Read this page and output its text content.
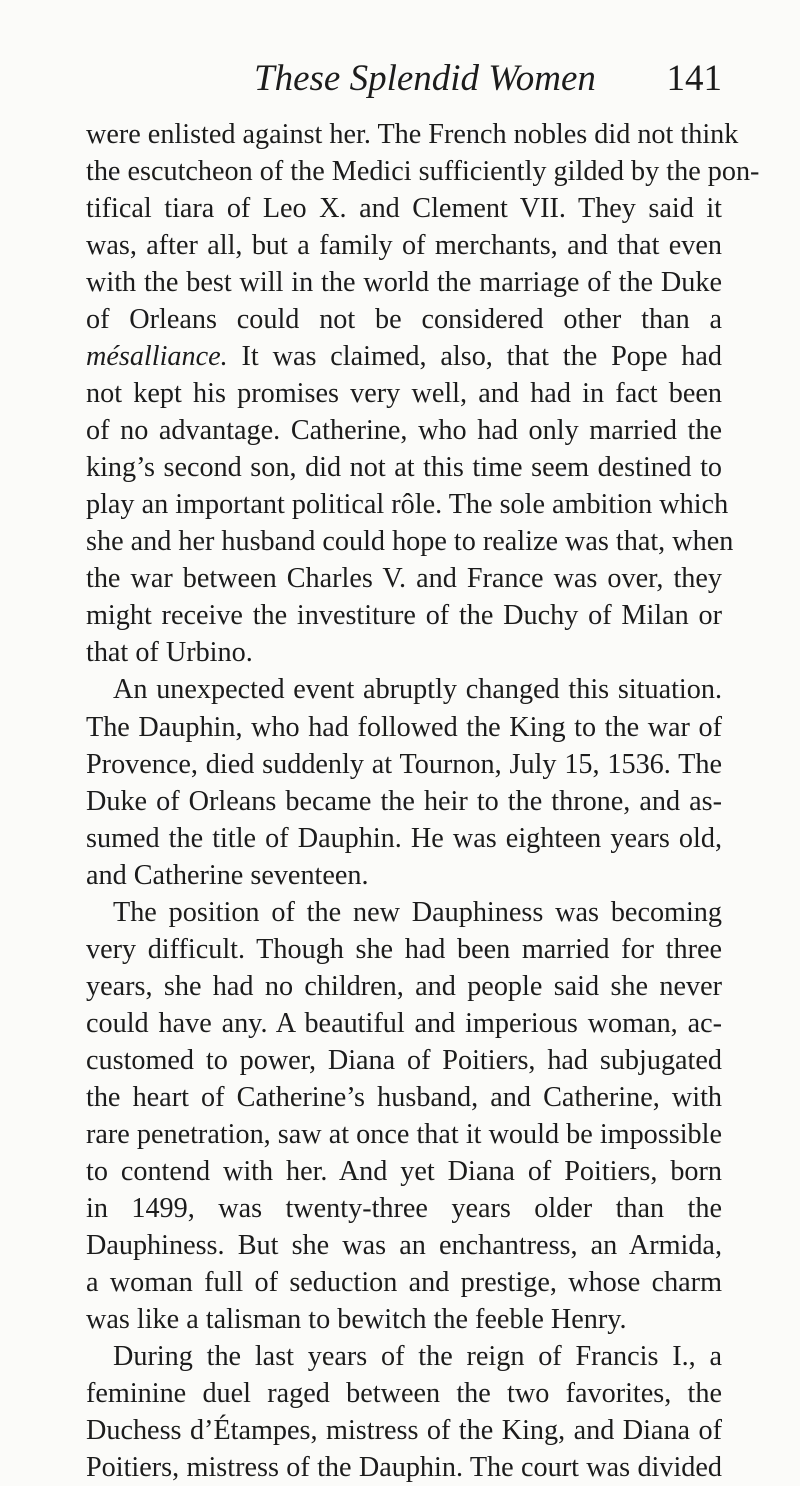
These Splendid Women 141
were enlisted against her. The French nobles did not think
the escutcheon of the Medici sufficiently gilded by the pon-
tifical tiara of Leo X. and Clement VII. They said it
was, after all, but a family of merchants, and that even
with the best will in the world the marriage of the Duke
of Orleans could not be considered other than a
mésalliance. It was claimed, also, that the Pope had
not kept his promises very well, and had in fact been
of no advantage. Catherine, who had only married the
king’s second son, did not at this time seem destined to
play an important political rôle. The sole ambition which
she and her husband could hope to realize was that, when
the war between Charles V. and France was over, they
might receive the investiture of the Duchy of Milan or
that of Urbino.
An unexpected event abruptly changed this situation.
The Dauphin, who had followed the King to the war of
Provence, died suddenly at Tournon, July 15, 1536. The
Duke of Orleans became the heir to the throne, and as-
sumed the title of Dauphin. He was eighteen years old,
and Catherine seventeen.
The position of the new Dauphiness was becoming
very difficult. Though she had been married for three
years, she had no children, and people said she never
could have any. A beautiful and imperious woman, ac-
customed to power, Diana of Poitiers, had subjugated
the heart of Catherine’s husband, and Catherine, with
rare penetration, saw at once that it would be impossible
to contend with her. And yet Diana of Poitiers, born
in 1499, was twenty-three years older than the
Dauphiness. But she was an enchantress, an Armida,
a woman full of seduction and prestige, whose charm
was like a talisman to bewitch the feeble Henry.
During the last years of the reign of Francis I., a
feminine duel raged between the two favorites, the
Duchess d’Étampes, mistress of the King, and Diana of
Poitiers, mistress of the Dauphin. The court was divided
